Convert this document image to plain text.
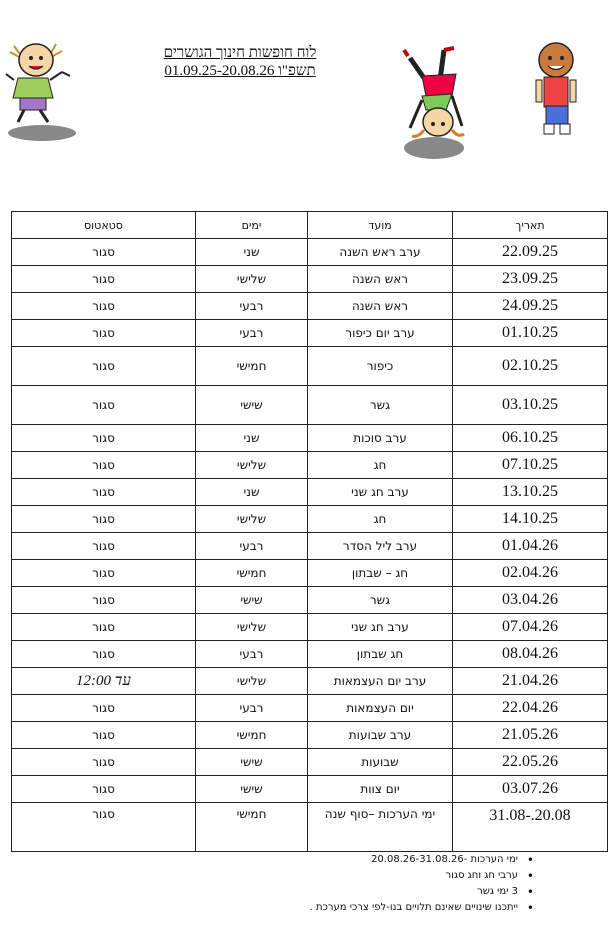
לוח חופשות חינוך הגושרים
תשפ"ו 01.09.25-20.08.26
תאריך	מועד	ימים	סטאטוס
22.09.25	ערב ראש השנה	שני	סגור
23.09.25	ראש השנה	שלישי	סגור
24.09.25	ראש השנה	רבעי	סגור
01.10.25	ערב יום כיפור	רבעי	סגור
02.10.25	כיפור	חמישי	סגור
03.10.25	גשר	שישי	סגור
06.10.25	ערב סוכות	שני	סגור
07.10.25	חג	שלישי	סגור
13.10.25	ערב חג שני	שני	סגור
14.10.25	חג	שלישי	סגור
01.04.26	ערב ליל הסדר	רבעי	סגור
02.04.26	חג – שבתון	חמישי	סגור
03.04.26	גשר	שישי	סגור
07.04.26	ערב חג שני	שלישי	סגור
08.04.26	חג שבתון	רבעי	סגור
21.04.26	ערב יום העצמאות	שלישי	עד 12:00
22.04.26	יום העצמאות	רבעי	סגור
21.05.26	ערב שבועות	חמישי	סגור
22.05.26	שבועות	שישי	סגור
03.07.26	יום צוות	שישי	סגור
31.08-.20.08	ימי הערכות –סוף שנה	חמישי	סגור
• ימי הערכות -20.08.26-31.08.26
• ערבי חג וחג סגור
• 3 ימי גשר
• ייתכנו שינויים שאינם תלויים בנו-לפי צרכי מערכת .
